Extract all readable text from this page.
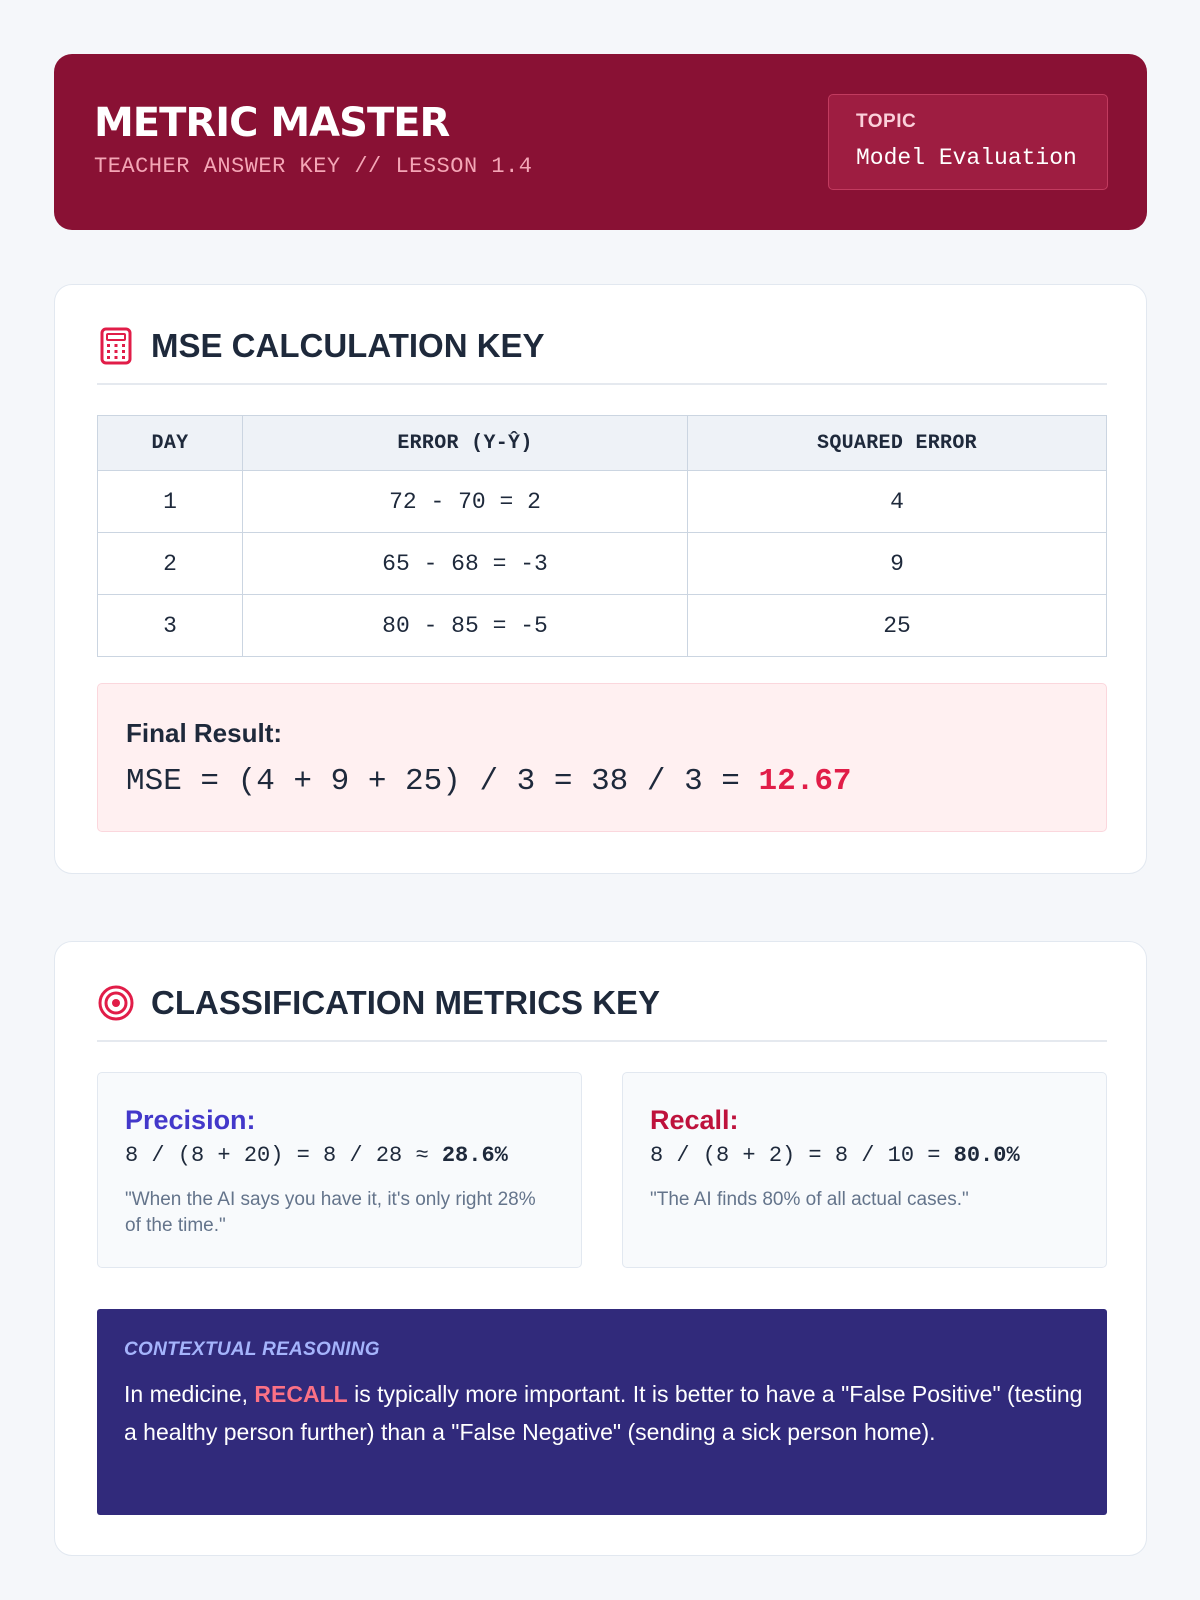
METRIC MASTER
TEACHER ANSWER KEY // LESSON 1.4
TOPIC
Model Evaluation
MSE CALCULATION KEY
DAY	ERROR (Y-Ŷ)	SQUARED ERROR
1	72 - 70 = 2	4
2	65 - 68 = -3	9
3	80 - 85 = -5	25
Final Result:
MSE = (4 + 9 + 25) / 3 = 38 / 3 = 12.67
CLASSIFICATION METRICS KEY
Precision:
8 / (8 + 20) = 8 / 28 ≈ 28.6%
"When the AI says you have it, it's only right 28% of the time."
Recall:
8 / (8 + 2) = 8 / 10 = 80.0%
"The AI finds 80% of all actual cases."
CONTEXTUAL REASONING
In medicine, RECALL is typically more important. It is better to have a "False Positive" (testing a healthy person further) than a "False Negative" (sending a sick person home).
